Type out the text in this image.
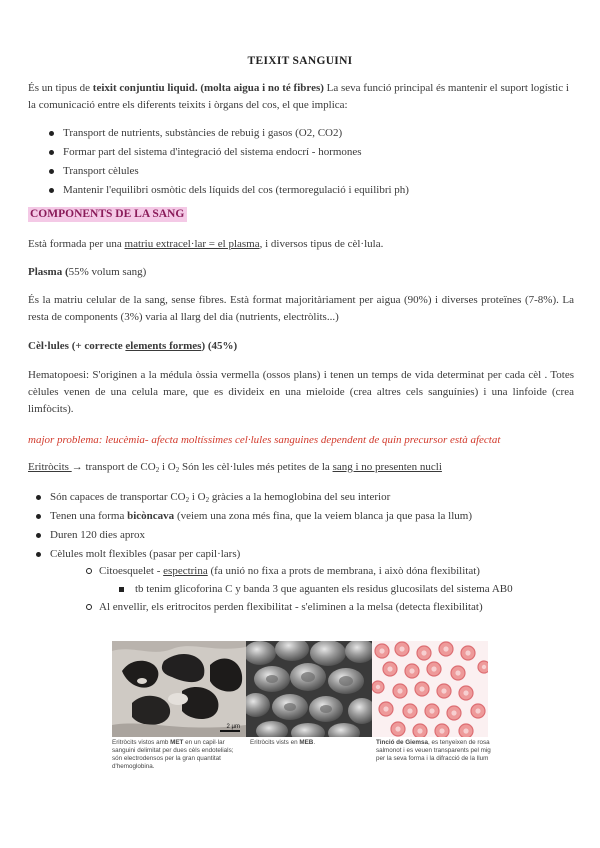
TEIXIT SANGUINI
És un tipus de teixit conjuntiu liquid. (molta aigua i no té fibres) La seva funció principal és mantenir el suport logístic i la comunicació entre els diferents teixits i òrgans del cos, el que implica:
Transport de nutrients, substàncies de rebuig i gasos (O2, CO2)
Formar part del sistema d'integració del sistema endocrí - hormones
Transport cèlules
Mantenir l'equilibri osmòtic dels líquids del cos (termoregulació i equilibri ph)
COMPONENTS DE LA SANG
Està formada per una matriu extracel·lar = el plasma, i diversos tipus de cèl·lula.
Plasma (55% volum sang)
És la matriu celular de la sang, sense fibres. Està format majoritàriament per aigua (90%) i diverses proteïnes (7-8%). La resta de components (3%) varia al llarg del dia (nutrients, electròlits...)
Cèl·lules (+ correcte elements formes) (45%)
Hematopoesi: S'originen a la médula òssia vermella (ossos plans) i tenen un temps de vida determinat per cada cèl . Totes cèlules venen de una celula mare, que es divideix en una mieloide (crea altres cels sanguínies) i una linfoide (crea limfòcits).
major problema: leucèmia- afecta moltíssimes cel·lules sanguines dependent de quin precursor està afectat
Eritròcits → transport de $CO_2$ i $O_2$ Són les cèl·lules més petites de la sang i no presenten nucli
Són capaces de transportar $CO_2$ i $O_2$ gràcies a la hemoglobina del seu interior
Tenen una forma bicòncava (veiem una zona més fina, que la veiem blanca ja que pasa la llum)
Duren 120 dies aprox
Cèlules molt flexibles (pasar per capil·lars)
Citoesquelet - espectrina (fa unió no fixa a prots de membrana, i això dóna flexibilitat)
tb tenim glicoforina C y banda 3 que aguanten els residus glucosilats del sistema AB0
Al envellir, els eritrocitos perden flexibilitat - s'eliminen a la melsa (detecta flexibilitat)
2 µm
Eritròcits vistos amb MET en un capil·lar sanguini delimitat per dues cèls endotelials; són electrodensos per la gran quantitat d'hemoglobina.
Eritròcits vists en MEB.	Tinció de Giemsa, es tenyeixen de rosa salmonot i es veuen transparents pel mig per la seva forma i la difracció de la llum
